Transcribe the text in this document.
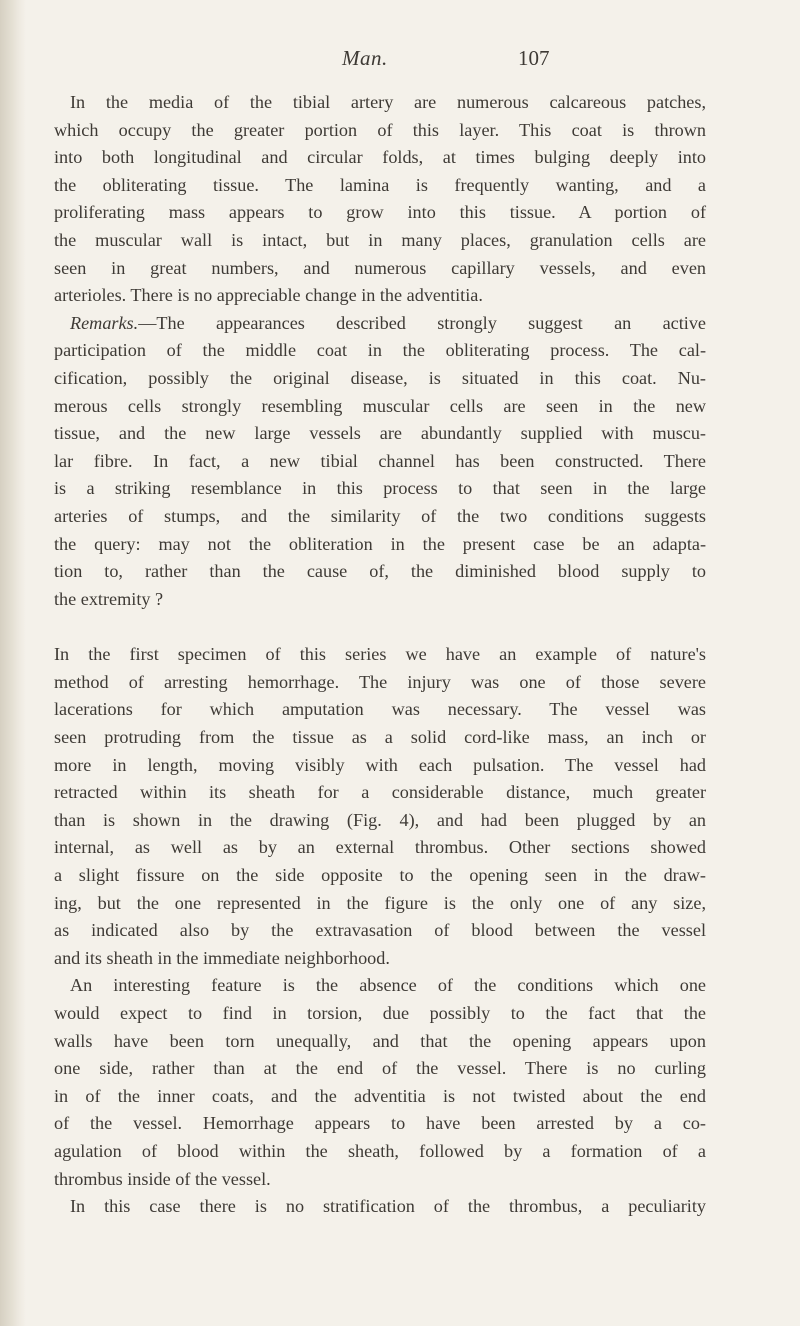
Man.	107

In the media of the tibial artery are numerous calcareous patches,
which occupy the greater portion of this layer. This coat is thrown
into both longitudinal and circular folds, at times bulging deeply into
the obliterating tissue. The lamina is frequently wanting, and a
proliferating mass appears to grow into this tissue. A portion of
the muscular wall is intact, but in many places, granulation cells are
seen in great numbers, and numerous capillary vessels, and even
arterioles. There is no appreciable change in the adventitia.

Remarks.—The appearances described strongly suggest an active
participation of the middle coat in the obliterating process. The cal-
cification, possibly the original disease, is situated in this coat. Nu-
merous cells strongly resembling muscular cells are seen in the new
tissue, and the new large vessels are abundantly supplied with muscu-
lar fibre. In fact, a new tibial channel has been constructed. There
is a striking resemblance in this process to that seen in the large
arteries of stumps, and the similarity of the two conditions suggests
the query: may not the obliteration in the present case be an adapta-
tion to, rather than the cause of, the diminished blood supply to
the extremity ?

In the first specimen of this series we have an example of nature's
method of arresting hemorrhage. The injury was one of those severe
lacerations for which amputation was necessary. The vessel was
seen protruding from the tissue as a solid cord-like mass, an inch or
more in length, moving visibly with each pulsation. The vessel had
retracted within its sheath for a considerable distance, much greater
than is shown in the drawing (Fig. 4), and had been plugged by an
internal, as well as by an external thrombus. Other sections showed
a slight fissure on the side opposite to the opening seen in the draw-
ing, but the one represented in the figure is the only one of any size,
as indicated also by the extravasation of blood between the vessel
and its sheath in the immediate neighborhood.

An interesting feature is the absence of the conditions which one
would expect to find in torsion, due possibly to the fact that the
walls have been torn unequally, and that the opening appears upon
one side, rather than at the end of the vessel. There is no curling
in of the inner coats, and the adventitia is not twisted about the end
of the vessel. Hemorrhage appears to have been arrested by a co-
agulation of blood within the sheath, followed by a formation of a
thrombus inside of the vessel.

In this case there is no stratification of the thrombus, a peculiarity
